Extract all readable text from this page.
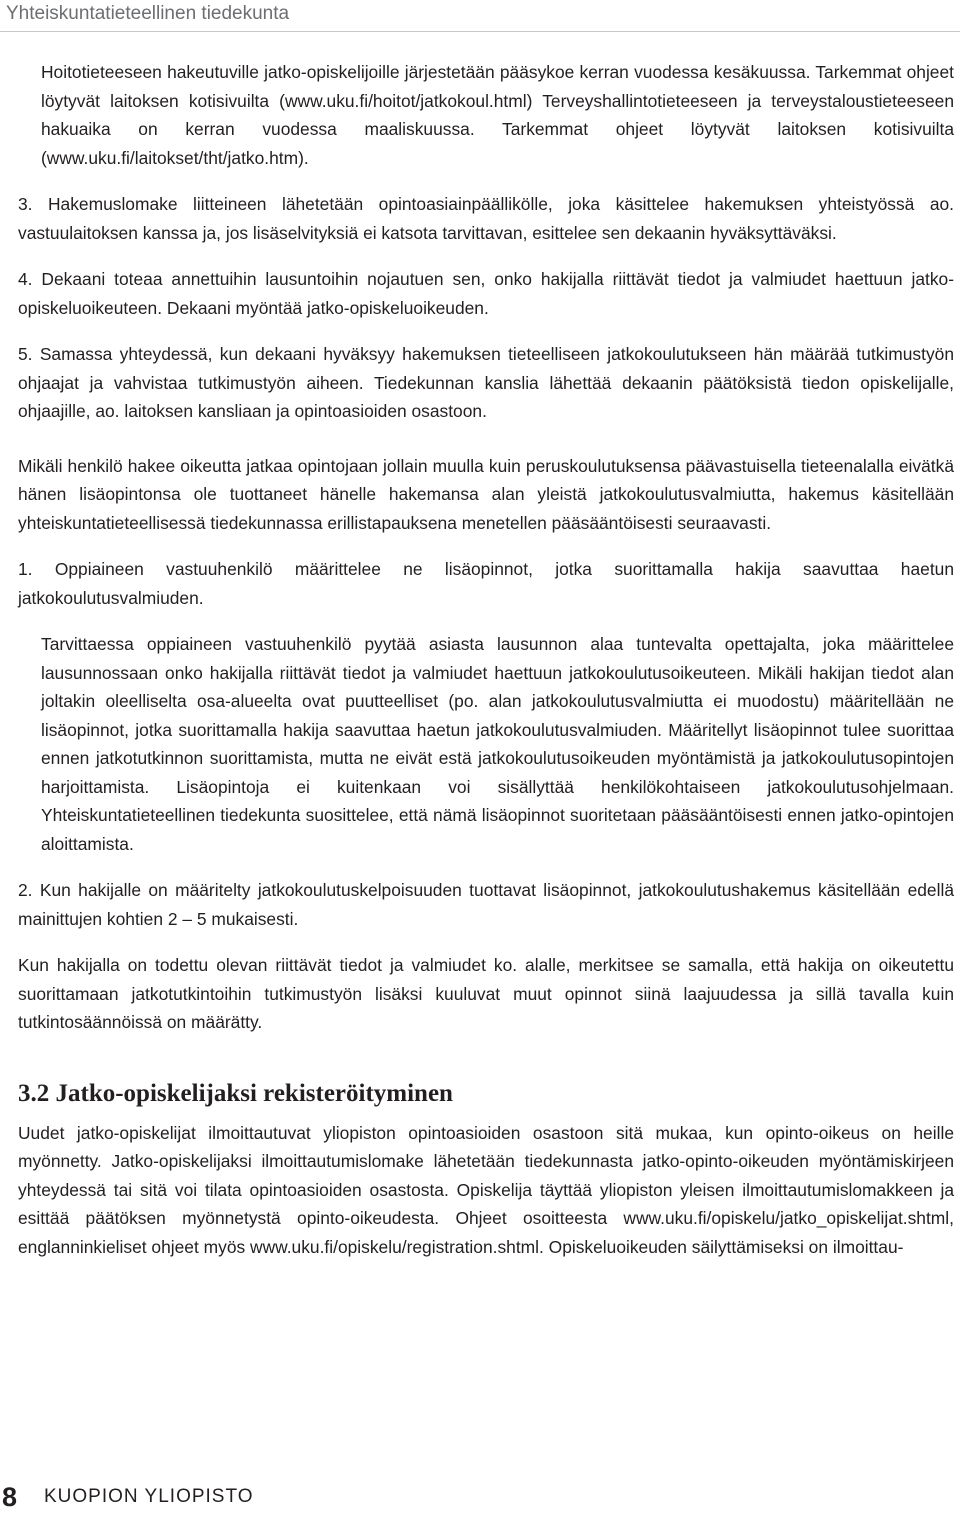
Yhteiskuntatieteellinen tiedekunta

Hoitotieteeseen hakeutuville jatko-opiskelijoille järjestetään pääsykoe kerran vuodessa kesäkuussa. Tarkemmat ohjeet löytyvät laitoksen kotisivuilta (www.uku.fi/hoitot/jatkokoul.html) Terveyshallintotieteeseen ja terveystaloustieteeseen hakuaika on kerran vuodessa maaliskuussa. Tarkemmat ohjeet löytyvät laitoksen kotisivuilta (www.uku.fi/laitokset/tht/jatko.htm).

3. Hakemuslomake liitteineen lähetetään opintoasiainpäällikölle, joka käsittelee hakemuksen yhteistyössä ao. vastuulaitoksen kanssa ja, jos lisäselvityksiä ei katsota tarvittavan, esittelee sen dekaanin hyväksyttäväksi.

4. Dekaani toteaa annettuihin lausuntoihin nojautuen sen, onko hakijalla riittävät tiedot ja valmiudet haettuun jatko-opiskeluoikeuteen. Dekaani myöntää jatko-opiskeluoikeuden.

5. Samassa yhteydessä, kun dekaani hyväksyy hakemuksen tieteelliseen jatkokoulutukseen hän määrää tutkimustyön ohjaajat ja vahvistaa tutkimustyön aiheen. Tiedekunnan kanslia lähettää dekaanin päätöksistä tiedon opiskelijalle, ohjaajille, ao. laitoksen kansliaan ja opintoasioiden osastoon.

Mikäli henkilö hakee oikeutta jatkaa opintojaan jollain muulla kuin peruskoulutuksensa päävastuisella tieteenalalla eivätkä hänen lisäopintonsa ole tuottaneet hänelle hakemansa alan yleistä jatkokoulutusvalmiutta, hakemus käsitellään yhteiskuntatieteellisessä tiedekunnassa erillistapauksena menetellen pääsääntöisesti seuraavasti.

1. Oppiaineen vastuuhenkilö määrittelee ne lisäopinnot, jotka suorittamalla hakija saavuttaa haetun jatkokoulutusvalmiuden.

Tarvittaessa oppiaineen vastuuhenkilö pyytää asiasta lausunnon alaa tuntevalta opettajalta, joka määrittelee lausunnossaan onko hakijalla riittävät tiedot ja valmiudet haettuun jatkokoulutusoikeuteen. Mikäli hakijan tiedot alan joltakin oleelliselta osa-alueelta ovat puutteelliset (po. alan jatkokoulutusvalmiutta ei muodostu) määritellään ne lisäopinnot, jotka suorittamalla hakija saavuttaa haetun jatkokoulutusvalmiuden. Määritellyt lisäopinnot tulee suorittaa ennen jatkotutkinnon suorittamista, mutta ne eivät estä jatkokoulutusoikeuden myöntämistä ja jatkokoulutusopintojen harjoittamista. Lisäopintoja ei kuitenkaan voi sisällyttää henkilökohtaiseen jatkokoulutusohjelmaan. Yhteiskuntatieteellinen tiedekunta suosittelee, että nämä lisäopinnot suoritetaan pääsääntöisesti ennen jatko-opintojen aloittamista.

2. Kun hakijalle on määritelty jatkokoulutuskelpoisuuden tuottavat lisäopinnot, jatkokoulutushakemus käsitellään edellä mainittujen kohtien 2 – 5 mukaisesti.

Kun hakijalla on todettu olevan riittävät tiedot ja valmiudet ko. alalle, merkitsee se samalla, että hakija on oikeutettu suorittamaan jatkotutkintoihin tutkimustyön lisäksi kuuluvat muut opinnot siinä laajuudessa ja sillä tavalla kuin tutkintosäännöissä on määrätty.

3.2 Jatko-opiskelijaksi rekisteröityminen

Uudet jatko-opiskelijat ilmoittautuvat yliopiston opintoasioiden osastoon sitä mukaa, kun opinto-oikeus on heille myönnetty. Jatko-opiskelijaksi ilmoittautumislomake lähetetään tiedekunnasta jatko-opinto-oikeuden myöntämiskirjeen yhteydessä tai sitä voi tilata opintoasioiden osastosta. Opiskelija täyttää yliopiston yleisen ilmoittautumislomakkeen ja esittää päätöksen myönnetystä opinto-oikeudesta. Ohjeet osoitteesta www.uku.fi/opiskelu/jatko_opiskelijat.shtml, englanninkieliset ohjeet myös www.uku.fi/opiskelu/registration.shtml. Opiskeluoikeuden säilyttämiseksi on ilmoittau-

8 KUOPION YLIOPISTO
